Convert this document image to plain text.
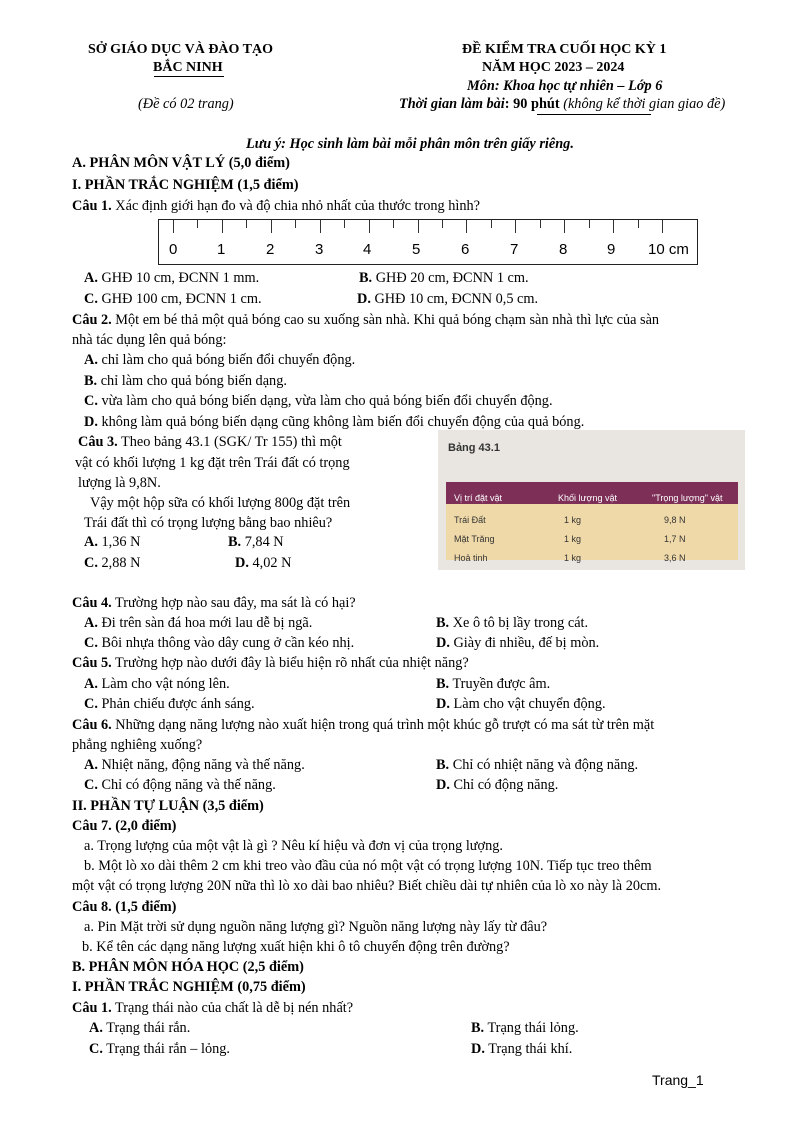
SỞ GIÁO DỤC VÀ ĐÀO TẠO
BẮC NINH
(Đề có 02 trang)
ĐỀ KIỂM TRA CUỐI HỌC KỲ 1
NĂM HỌC 2023 – 2024
Môn: Khoa học tự nhiên – Lớp 6
Thời gian làm bài: 90 phút (không kể thời gian giao đề)
Lưu ý: Học sinh làm bài mỗi phân môn trên giấy riêng.
A. PHÂN MÔN VẬT LÝ (5,0 điểm)
I. PHẦN TRẮC NGHIỆM (1,5 điểm)
Câu 1. Xác định giới hạn đo và độ chia nhỏ nhất của thước trong hình?
0	1	2	3	4	5	6	7	8	9 10 cm
A. GHĐ 10 cm, ĐCNN 1 mm.	B. GHĐ 20 cm, ĐCNN 1 cm.
C. GHĐ 100 cm, ĐCNN 1 cm.	D. GHĐ 10 cm, ĐCNN 0,5 cm.
Câu 2. Một em bé thả một quả bóng cao su xuống sàn nhà. Khi quả bóng chạm sàn nhà thì lực của sàn
nhà tác dụng lên quả bóng:
A. chỉ làm cho quả bóng biến đổi chuyển động.
B. chỉ làm cho quả bóng biến dạng.
C. vừa làm cho quả bóng biến dạng, vừa làm cho quả bóng biến đổi chuyển động.
D. không làm quả bóng biến dạng cũng không làm biến đổi chuyển động của quả bóng.
Câu 3. Theo bảng 43.1 (SGK/ Tr 155) thì một
vật có khối lượng 1 kg đặt trên Trái đất có trọng
lượng là 9,8N.
Vậy một hộp sữa có khối lượng 800g đặt trên
Trái đất thì có trọng lượng bằng bao nhiêu?
A. 1,36 N	B. 7,84 N
C. 2,88 N	D. 4,02 N
Bảng 43.1
Vị trí đặt vật	Khối lượng vật	"Trọng lượng" vật
Trái Đất	1 kg	9,8 N
Mặt Trăng	1 kg	1,7 N
Hoả tinh	1 kg	3,6 N
Câu 4. Trường hợp nào sau đây, ma sát là có hại?
A. Đi trên sàn đá hoa mới lau dễ bị ngã.	B. Xe ô tô bị lầy trong cát.
C. Bôi nhựa thông vào dây cung ở cần kéo nhị.	D. Giày đi nhiều, đế bị mòn.
Câu 5. Trường hợp nào dưới đây là biểu hiện rõ nhất của nhiệt năng?
A. Làm cho vật nóng lên.	B. Truyền được âm.
C. Phản chiếu được ánh sáng.	D. Làm cho vật chuyển động.
Câu 6. Những dạng năng lượng nào xuất hiện trong quá trình một khúc gỗ trượt có ma sát từ trên mặt
phẳng nghiêng xuống?
A. Nhiệt năng, động năng và thế năng.	B. Chỉ có nhiệt năng và động năng.
C. Chỉ có động năng và thế năng.	D. Chỉ có động năng.
II. PHẦN TỰ LUẬN (3,5 điểm)
Câu 7. (2,0 điểm)
a. Trọng lượng của một vật là gì ? Nêu kí hiệu và đơn vị của trọng lượng.
b. Một lò xo dài thêm 2 cm khi treo vào đầu của nó một vật có trọng lượng 10N. Tiếp tục treo thêm
một vật có trọng lượng 20N nữa thì lò xo dài bao nhiêu? Biết chiều dài tự nhiên của lò xo này là 20cm.
Câu 8. (1,5 điểm)
a. Pin Mặt trời sử dụng nguồn năng lượng gì? Nguồn năng lượng này lấy từ đâu?
b. Kể tên các dạng năng lượng xuất hiện khi ô tô chuyển động trên đường?
B. PHÂN MÔN HÓA HỌC (2,5 điểm)
I. PHẦN TRẮC NGHIỆM (0,75 điểm)
Câu 1. Trạng thái nào của chất là dễ bị nén nhất?
A. Trạng thái rắn.	B. Trạng thái lỏng.
C. Trạng thái rắn – lỏng.	D. Trạng thái khí.
Trang_1
